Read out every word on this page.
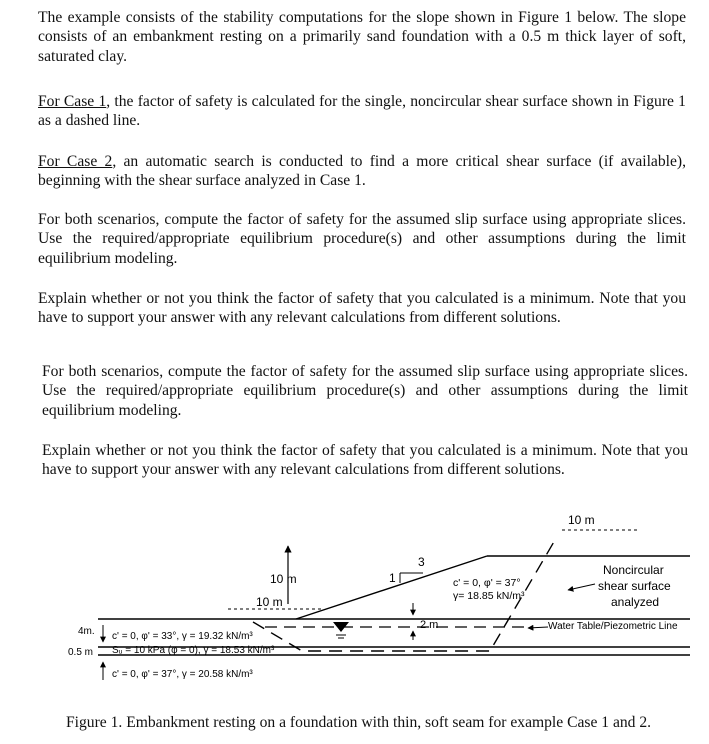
The example consists of the stability computations for the slope shown in Figure 1 below. The slope consists of an embankment resting on a primarily sand foundation with a 0.5 m thick layer of soft, saturated clay.
For Case 1, the factor of safety is calculated for the single, noncircular shear surface shown in Figure 1 as a dashed line.
For Case 2, an automatic search is conducted to find a more critical shear surface (if available), beginning with the shear surface analyzed in Case 1.
For both scenarios, compute the factor of safety for the assumed slip surface using appropriate slices. Use the required/appropriate equilibrium procedure(s) and other assumptions during the limit equilibrium modeling.
Explain whether or not you think the factor of safety that you calculated is a minimum. Note that you have to support your answer with any relevant calculations from different solutions.
For both scenarios, compute the factor of safety for the assumed slip surface using appropriate slices. Use the required/appropriate equilibrium procedure(s) and other assumptions during the limit equilibrium modeling.
Explain whether or not you think the factor of safety that you calculated is a minimum. Note that you have to support your answer with any relevant calculations from different solutions.
10 m
10 m
10 m
3
1
2 m
4m.
0.5 m
c' = 0, φ' = 37°
γ= 18.85 kN/m³
c' = 0, φ' = 33°, γ = 19.32 kN/m³
Sᵤ = 10 kPa (φ = 0), γ = 18.53 kN/m³
c' = 0, φ' = 37°, γ = 20.58 kN/m³
Noncircular
shear surface
analyzed
Water Table/Piezometric Line
Figure 1. Embankment resting on a foundation with thin, soft seam for example Case 1 and 2.
